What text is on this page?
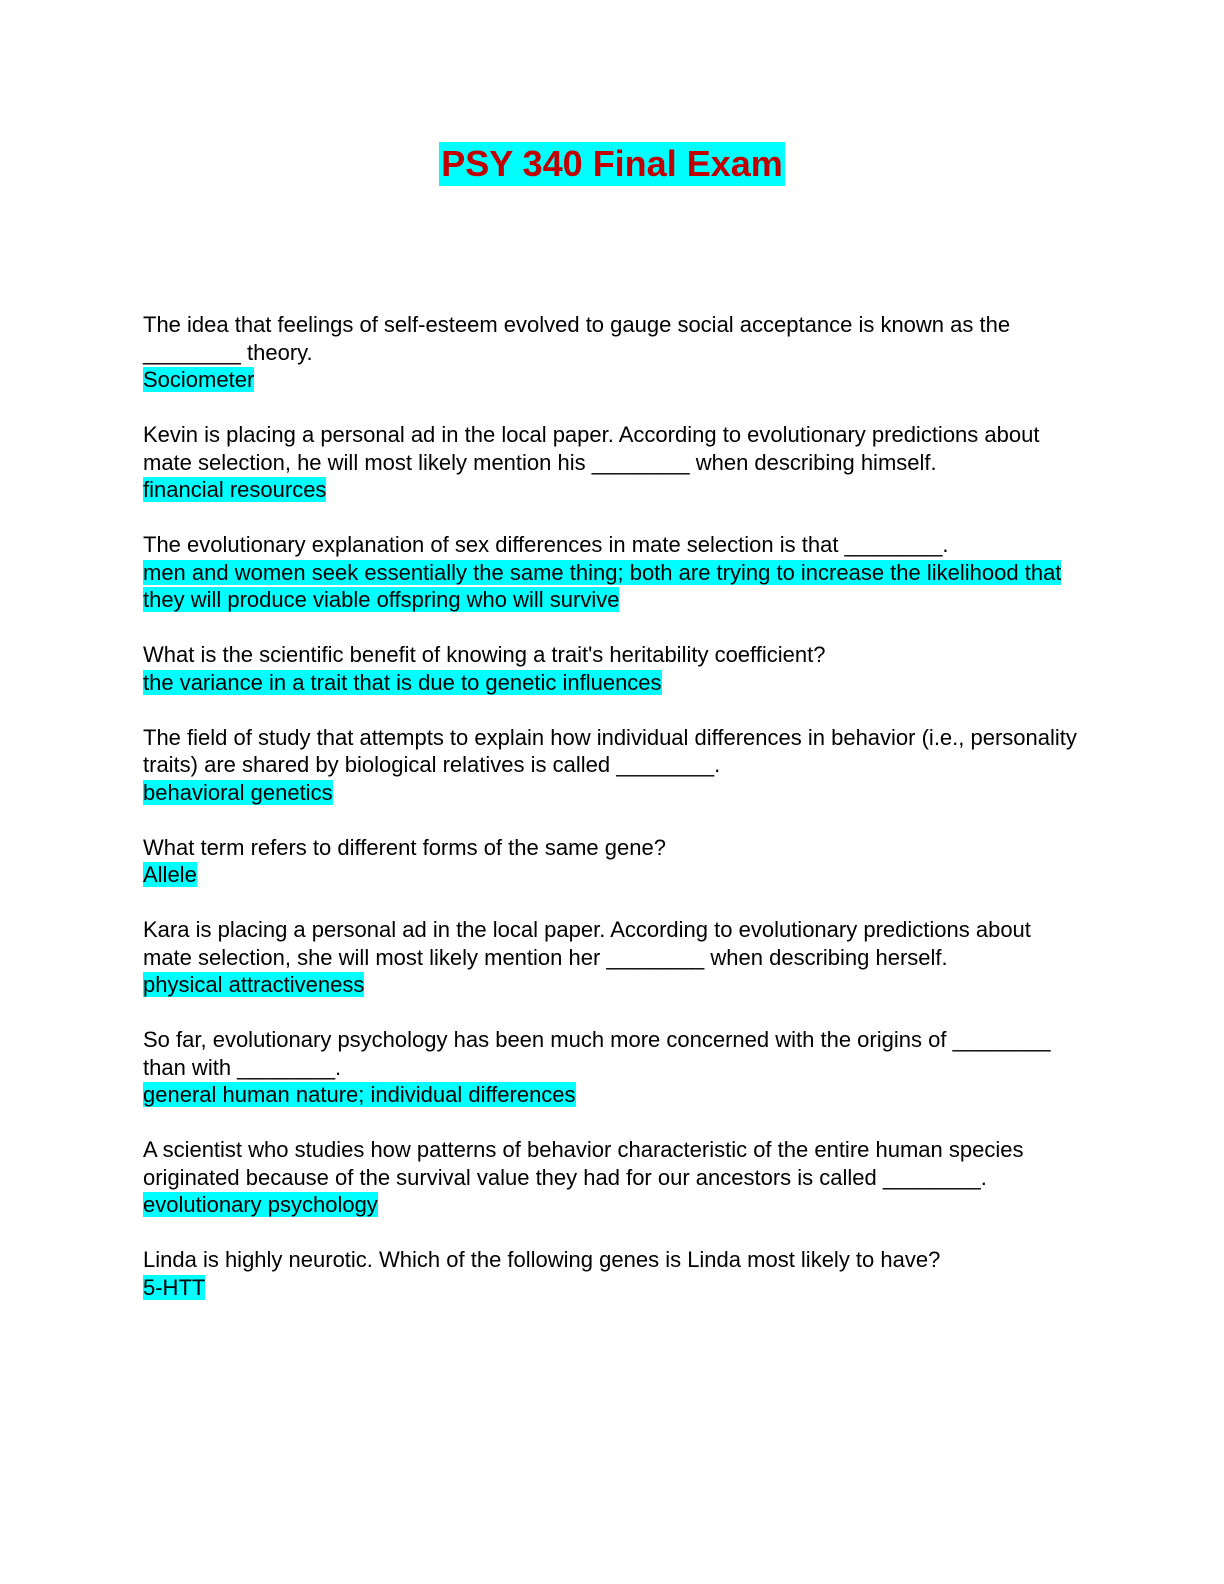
PSY 340 Final Exam

The idea that feelings of self-esteem evolved to gauge social acceptance is known as the ________ theory.

Sociometer

Kevin is placing a personal ad in the local paper. According to evolutionary predictions about mate selection, he will most likely mention his ________ when describing himself.

financial resources

The evolutionary explanation of sex differences in mate selection is that ________.

men and women seek essentially the same thing; both are trying to increase the likelihood that they will produce viable offspring who will survive

What is the scientific benefit of knowing a trait's heritability coefficient?

the variance in a trait that is due to genetic influences

The field of study that attempts to explain how individual differences in behavior (i.e., personality traits) are shared by biological relatives is called ________.

behavioral genetics

What term refers to different forms of the same gene?

Allele

Kara is placing a personal ad in the local paper. According to evolutionary predictions about mate selection, she will most likely mention her ________ when describing herself.

physical attractiveness

So far, evolutionary psychology has been much more concerned with the origins of ________ than with ________.

general human nature; individual differences

A scientist who studies how patterns of behavior characteristic of the entire human species originated because of the survival value they had for our ancestors is called ________.

evolutionary psychology

Linda is highly neurotic. Which of the following genes is Linda most likely to have?

5-HTT
